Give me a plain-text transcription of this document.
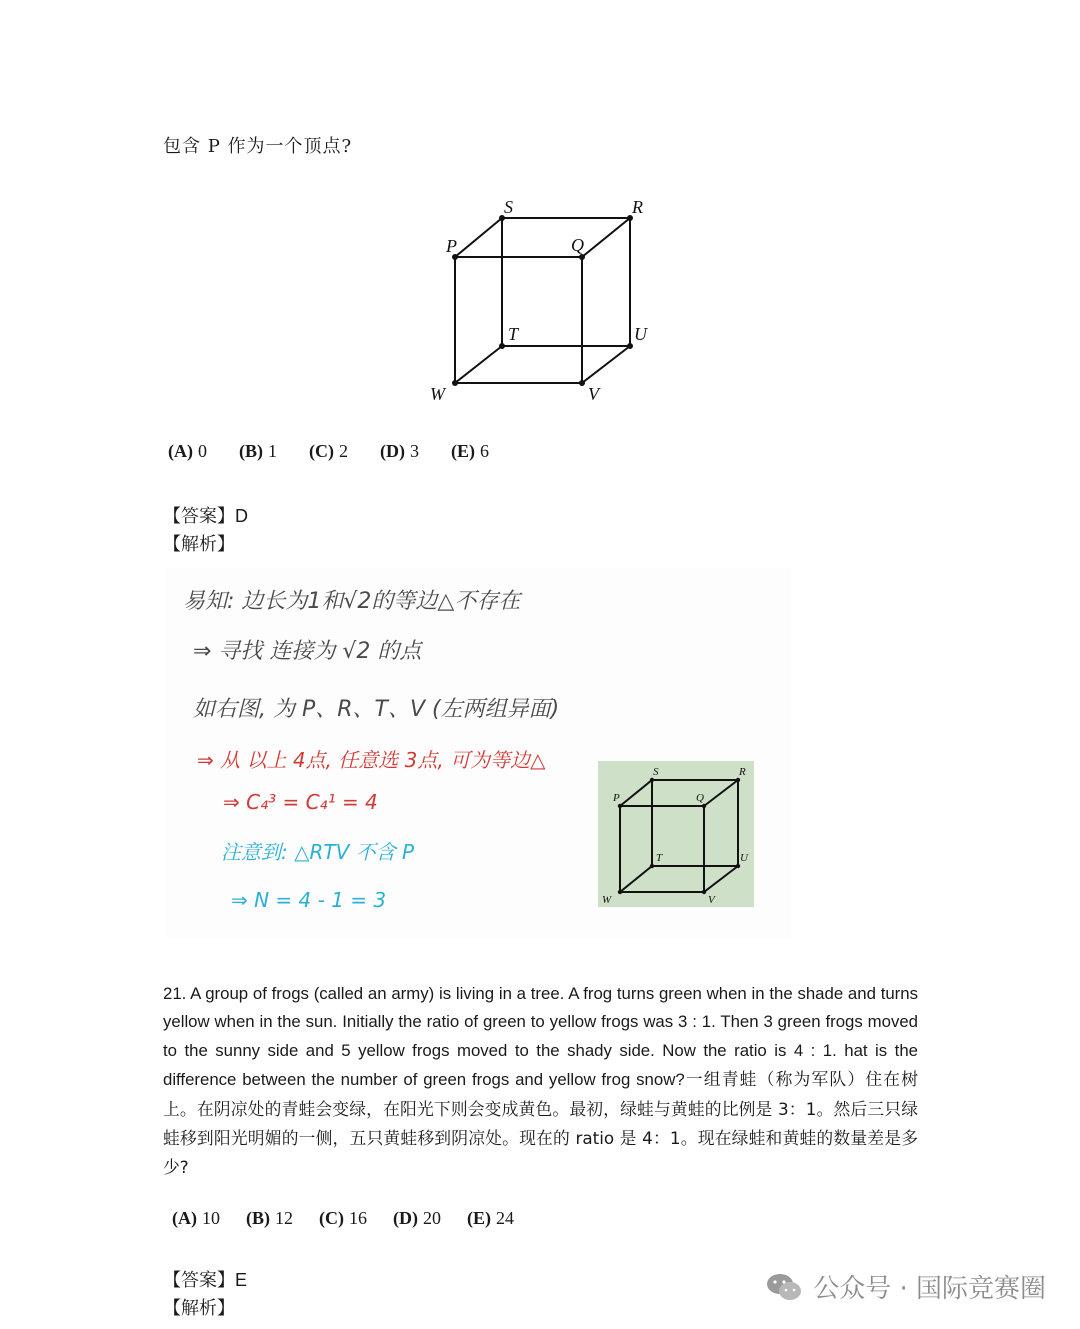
包含 P 作为一个顶点?
S	R
P	Q
T	U
W	V
(A) 0 (B) 1 (C) 2 (D) 3 (E) 6
【答案】D
【解析】
易知: 边长为1和√2的等边△不存在
⇒ 寻找 连接为 √2 的点
如右图, 为 P、R、T、V (左两组异面)
⇒ 从 以上 4点, 任意选 3点, 可为等边△
⇒ C₄³ = C₄¹ = 4
注意到: △RTV 不含 P
⇒ N = 4 - 1 = 3
S	R
P	Q
T	U
W	V
21. A group of frogs (called an army) is living in a tree. A frog turns green when in the shade and turns yellow when in the sun. Initially the ratio of green to yellow frogs was 3 : 1. Then 3 green frogs moved to the sunny side and 5 yellow frogs moved to the shady side. Now the ratio is 4 : 1. hat is the difference between the number of green frogs and yellow frog snow?一组青蛙（称为军队）住在树上。在阴凉处的青蛙会变绿，在阳光下则会变成黄色。最初，绿蛙与黄蛙的比例是 3：1。然后三只绿蛙移到阳光明媚的一侧，五只黄蛙移到阴凉处。现在的 ratio 是 4：1。现在绿蛙和黄蛙的数量差是多少?
(A) 10 (B) 12 (C) 16 (D) 20 (E) 24
【答案】E
【解析】
公众号 · 国际竞赛圈
